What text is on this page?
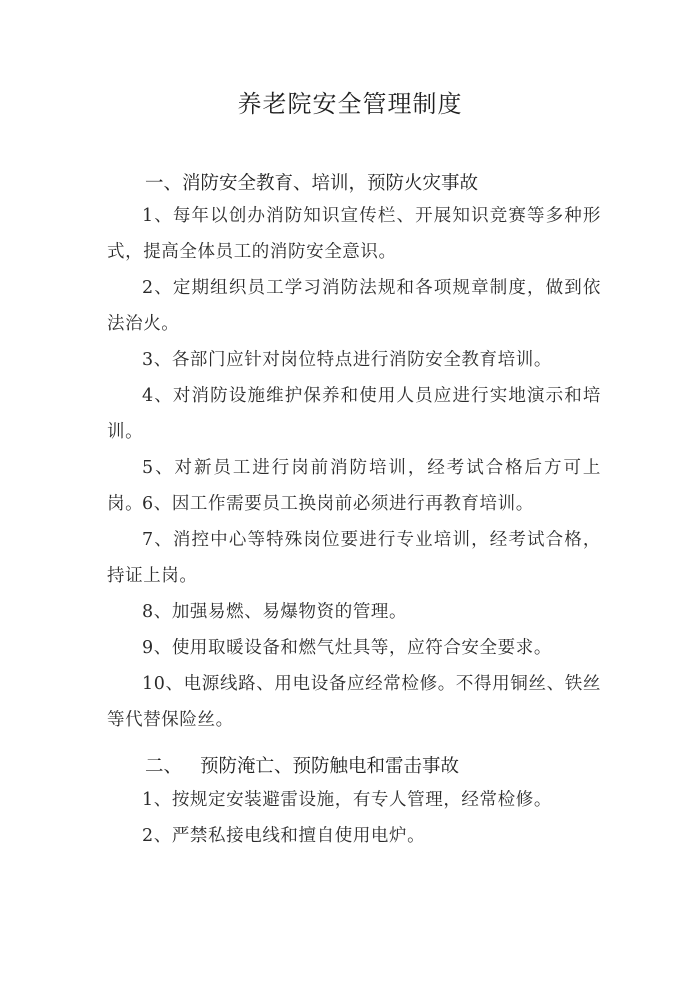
养老院安全管理制度
一、消防安全教育、培训，预防火灾事故

1、每年以创办消防知识宣传栏、开展知识竞赛等多种形式，提高全体员工的消防安全意识。

2、定期组织员工学习消防法规和各项规章制度，做到依法治火。

3、各部门应针对岗位特点进行消防安全教育培训。

4、对消防设施维护保养和使用人员应进行实地演示和培训。

5、对新员工进行岗前消防培训，经考试合格后方可上岗。

6、因工作需要员工换岗前必须进行再教育培训。

7、消控中心等特殊岗位要进行专业培训，经考试合格，持证上岗。

8、加强易燃、易爆物资的管理。

9、使用取暖设备和燃气灶具等，应符合安全要求。

10、电源线路、用电设备应经常检修。不得用铜丝、铁丝等代替保险丝。

二、 预防淹亡、预防触电和雷击事故

1、按规定安装避雷设施，有专人管理，经常检修。

2、严禁私接电线和擅自使用电炉。
